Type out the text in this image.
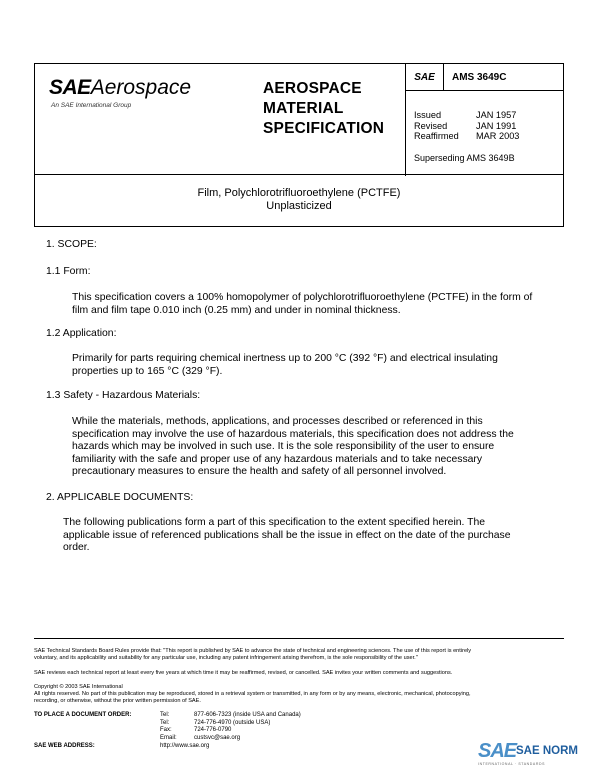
SAEAerospace
An SAE International Group
AEROSPACE
MATERIAL
SPECIFICATION
SAE	AMS 3649C
Issued	JAN 1957
Revised	JAN 1991
Reaffirmed	MAR 2003
Superseding AMS 3649B
Film, Polychlorotrifluoroethylene (PCTFE)
Unplasticized
1. SCOPE:
1.1 Form:
This specification covers a 100% homopolymer of polychlorotrifluoroethylene (PCTFE) in the form of
film and film tape 0.010 inch (0.25 mm) and under in nominal thickness.
1.2 Application:
Primarily for parts requiring chemical inertness up to 200 °C (392 °F) and electrical insulating
properties up to 165 °C (329 °F).
1.3 Safety - Hazardous Materials:
While the materials, methods, applications, and processes described or referenced in this
specification may involve the use of hazardous materials, this specification does not address the
hazards which may be involved in such use. It is the sole responsibility of the user to ensure
familiarity with the safe and proper use of any hazardous materials and to take necessary
precautionary measures to ensure the health and safety of all personnel involved.
2. APPLICABLE DOCUMENTS:
The following publications form a part of this specification to the extent specified herein. The
applicable issue of referenced publications shall be the issue in effect on the date of the purchase
order.
SAE Technical Standards Board Rules provide that: "This report is published by SAE to advance the state of technical and engineering sciences. The use of this report is entirely
voluntary, and its applicability and suitability for any particular use, including any patent infringement arising therefrom, is the sole responsibility of the user."
SAE reviews each technical report at least every five years at which time it may be reaffirmed, revised, or cancelled. SAE invites your written comments and suggestions.
Copyright © 2003 SAE International
All rights reserved. No part of this publication may be reproduced, stored in a retrieval system or transmitted, in any form or by any means, electronic, mechanical, photocopying,
recording, or otherwise, without the prior written permission of SAE.
TO PLACE A DOCUMENT ORDER:	Tel:	877-606-7323 (inside USA and Canada)
Tel:	724-776-4970 (outside USA)
Fax:	724-776-0790
Email:	custsvc@sae.org
SAE WEB ADDRESS:	http://www.sae.org	SAE SAE NORM
INTERNATIONAL · STANDARDS
